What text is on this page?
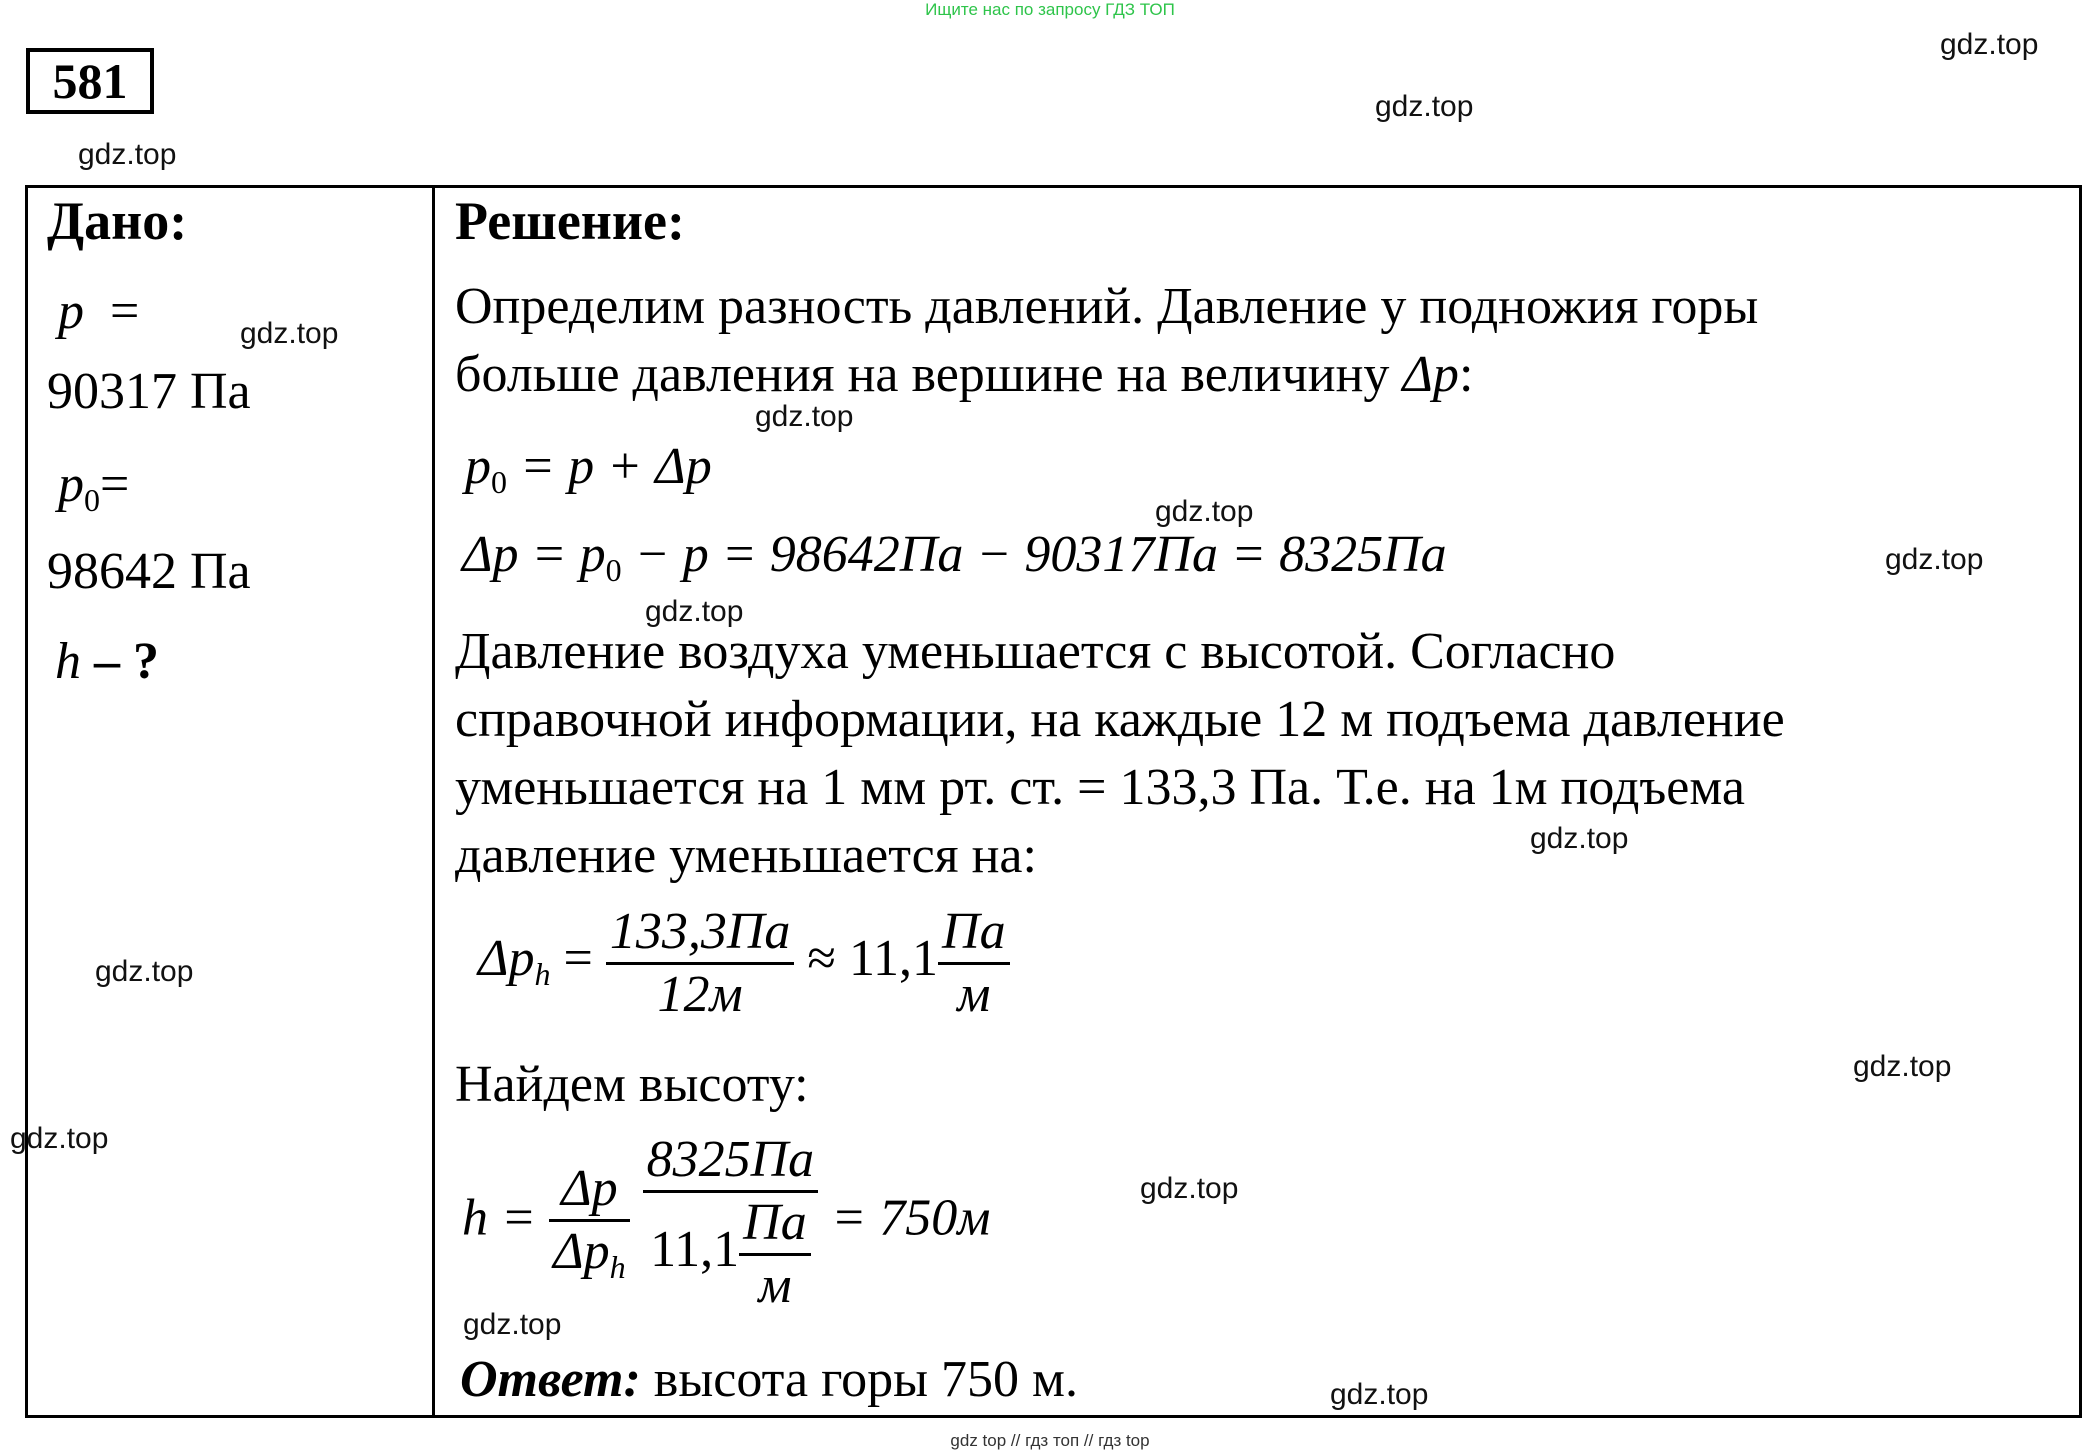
Ищите нас по запросу ГДЗ ТОП
581
Дано:
p =
90317 Па
$p_0=$
98642 Па
h – ?
Решение:
Определим разность давлений. Давление у подножия горы
больше давления на вершине на величину Δp:
$p_0 = p + \Delta p$
$\Delta p = p_0 - p = 98642Па - 90317Па = 8325Па$
Давление воздуха уменьшается с высотой. Согласно
справочной информации, на каждые 12 м подъема давление
уменьшается на 1 мм рт. ст. = 133,3 Па. Т.е. на 1м подъема
давление уменьшается на:
$\Delta p_h = \frac{133,3Па}{12м} \approx 11,1 \frac{Па}{м}$
Найдем высоту:
$h = \frac{\Delta p}{\Delta p_h}$
$\frac{8325Па}{11,1 \frac{Па}{м}} = 750м$
Ответ: высота горы 750 м.
gdz.top
gdz.top
gdz.top
gdz.top
gdz.top
gdz.top
gdz.top
gdz.top
gdz.top
gdz.top
gdz.top
gdz.top
gdz.top
gdz.top
gdz.top
gdz top // гдз топ // гдз top
